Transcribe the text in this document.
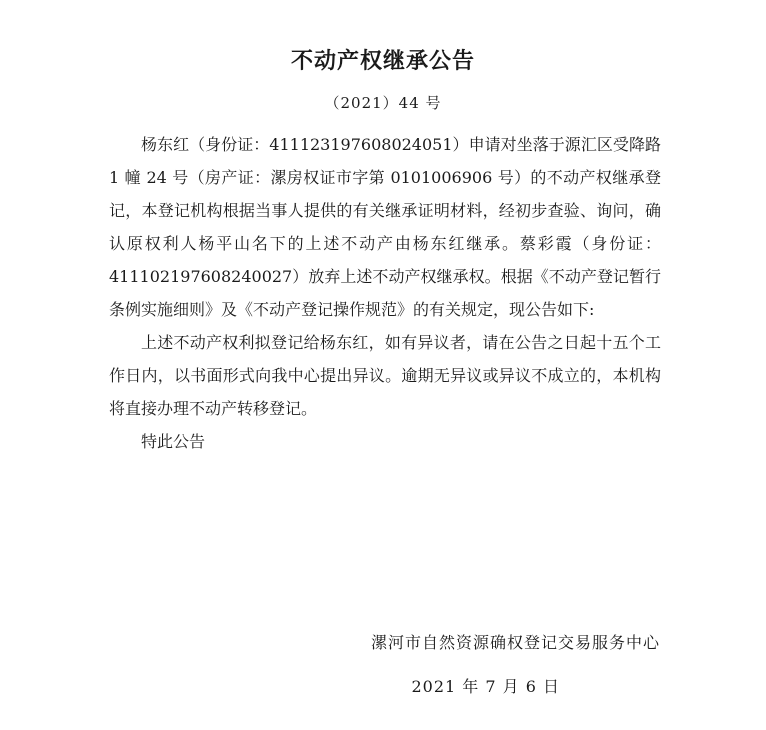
不动产权继承公告
（2021）44 号

杨东红（身份证：411123197608024051）申请对坐落于源汇区受降路 1 幢 24 号（房产证：漯房权证市字第 0101006906 号）的不动产权继承登记，本登记机构根据当事人提供的有关继承证明材料，经初步查验、询问，确认原权利人杨平山名下的上述不动产由杨东红继承。蔡彩霞（身份证：411102197608240027）放弃上述不动产权继承权。根据《不动产登记暂行条例实施细则》及《不动产登记操作规范》的有关规定，现公告如下:

上述不动产权利拟登记给杨东红，如有异议者，请在公告之日起十五个工作日内，以书面形式向我中心提出异议。逾期无异议或异议不成立的，本机构将直接办理不动产转移登记。

特此公告

漯河市自然资源确权登记交易服务中心
2021 年 7 月 6 日
